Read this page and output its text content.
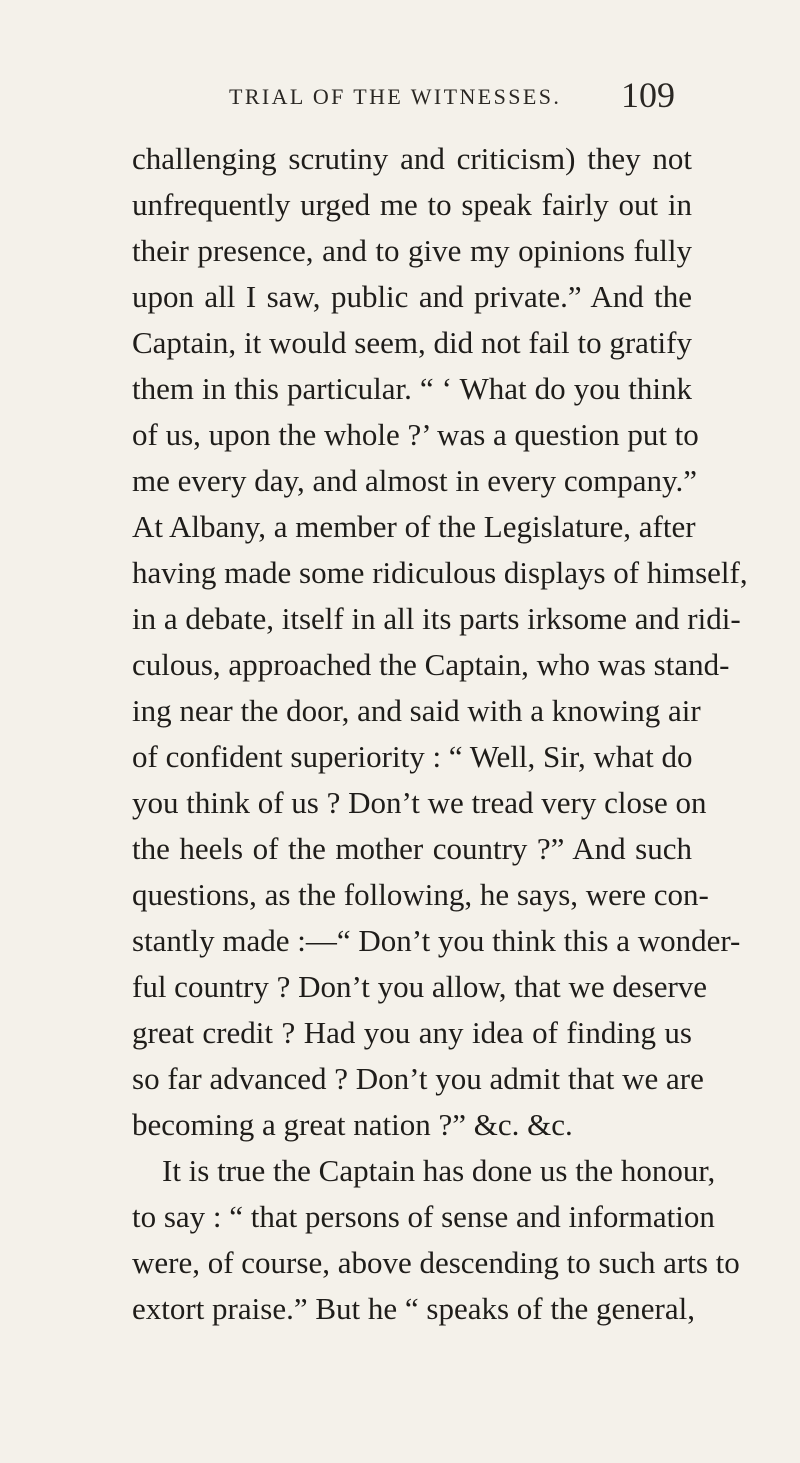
TRIAL OF THE WITNESSES. 109
challenging scrutiny and criticism) they not
unfrequently urged me to speak fairly out in
their presence, and to give my opinions fully
upon all I saw, public and private.” And the
Captain, it would seem, did not fail to gratify
them in this particular. “ ‘ What do you think
of us, upon the whole ?’ was a question put to
me every day, and almost in every company.”
At Albany, a member of the Legislature, after
having made some ridiculous displays of himself,
in a debate, itself in all its parts irksome and ridi-
culous, approached the Captain, who was stand-
ing near the door, and said with a knowing air
of confident superiority : “ Well, Sir, what do
you think of us ? Don’t we tread very close on
the heels of the mother country ?” And such
questions, as the following, he says, were con-
stantly made :—“ Don’t you think this a wonder-
ful country ? Don’t you allow, that we deserve
great credit ? Had you any idea of finding us
so far advanced ? Don’t you admit that we are
becoming a great nation ?” &c. &c.
It is true the Captain has done us the honour,
to say : “ that persons of sense and information
were, of course, above descending to such arts to
extort praise.” But he “ speaks of the general,
